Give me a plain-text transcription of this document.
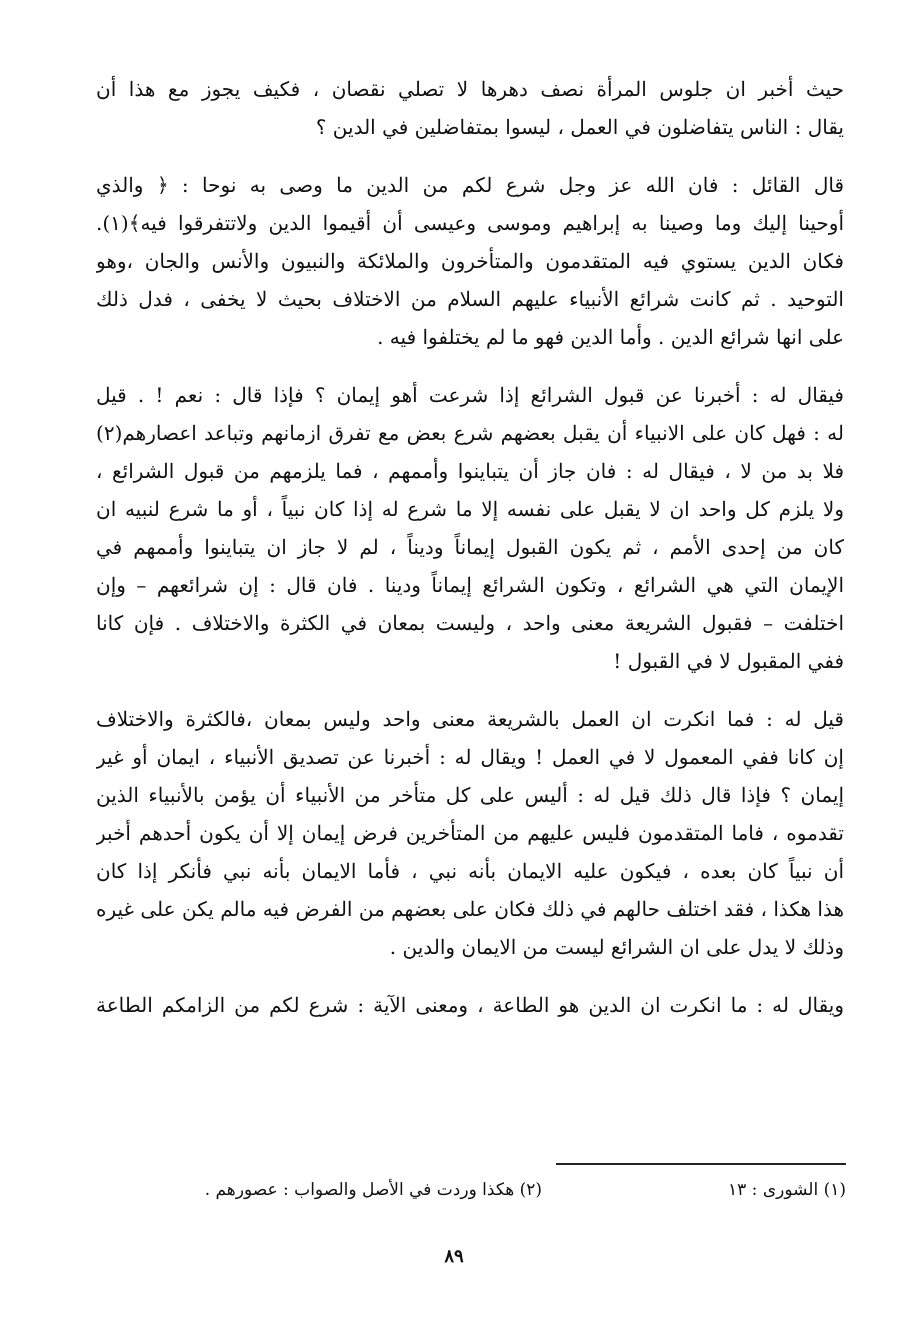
حيث أخبر ان جلوس المرأة نصف دهرها لا تصلي نقصان ، فكيف يجوز مع هذا أن
يقال : الناس يتفاضلون في العمل ، ليسوا بمتفاضلين في الدين ؟
قال القائل : فان الله عز وجل شرع لكم من الدين ما وصى به نوحا : ﴿ والذي
أوحينا إليك وما وصينا به إبراهيم وموسى وعيسى أن أقيموا الدين ولاتتفرقوا فيه﴾(١).
فكان الدين يستوي فيه المتقدمون والمتأخرون والملائكة والنبيون والأنس والجان ،وهو
التوحيد . ثم كانت شرائع الأنبياء عليهم السلام من الاختلاف بحيث لا يخفى ، فدل ذلك
على انها شرائع الدين . وأما الدين فهو ما لم يختلفوا فيه .
فيقال له : أخبرنا عن قبول الشرائع إذا شرعت أهو إيمان ؟ فإذا قال : نعم ! . قيل
له : فهل كان على الانبياء أن يقبل بعضهم شرع بعض مع تفرق ازمانهم وتباعد اعصارهم(٢)
فلا بد من لا ، فيقال له : فان جاز أن يتباينوا وأممهم ، فما يلزمهم من قبول الشرائع ،
ولا يلزم كل واحد ان لا يقبل على نفسه إلا ما شرع له إذا كان نبياً ، أو ما شرع لنبيه ان
كان من إحدى الأمم ، ثم يكون القبول إيماناً وديناً ، لم لا جاز ان يتباينوا وأممهم في
الإيمان التي هي الشرائع ، وتكون الشرائع إيماناً ودينا . فان قال : إن شرائعهم – وإن
اختلفت – فقبول الشريعة معنى واحد ، وليست بمعان في الكثرة والاختلاف . فإن كانا
ففي المقبول لا في القبول !
قيل له : فما انكرت ان العمل بالشريعة معنى واحد وليس بمعان ،فالكثرة والاختلاف
إن كانا ففي المعمول لا في العمل ! ويقال له : أخبرنا عن تصديق الأنبياء ، ايمان أو غير
إيمان ؟ فإذا قال ذلك قيل له : أليس على كل متأخر من الأنبياء أن يؤمن بالأنبياء الذين
تقدموه ، فاما المتقدمون فليس عليهم من المتأخرين فرض إيمان إلا أن يكون أحدهم أخبر
أن نبياً كان بعده ، فيكون عليه الايمان بأنه نبي ، فأما الايمان بأنه نبي فأنكر إذا كان
هذا هكذا ، فقد اختلف حالهم في ذلك فكان على بعضهم من الفرض فيه مالم يكن على غيره
وذلك لا يدل على ان الشرائع ليست من الايمان والدين .
ويقال له : ما انكرت ان الدين هو الطاعة ، ومعنى الآية : شرع لكم من الزامكم الطاعة
(١) الشورى : ١٣
(٢) هكذا وردت في الأصل والصواب : عصورهم .
٨٩
